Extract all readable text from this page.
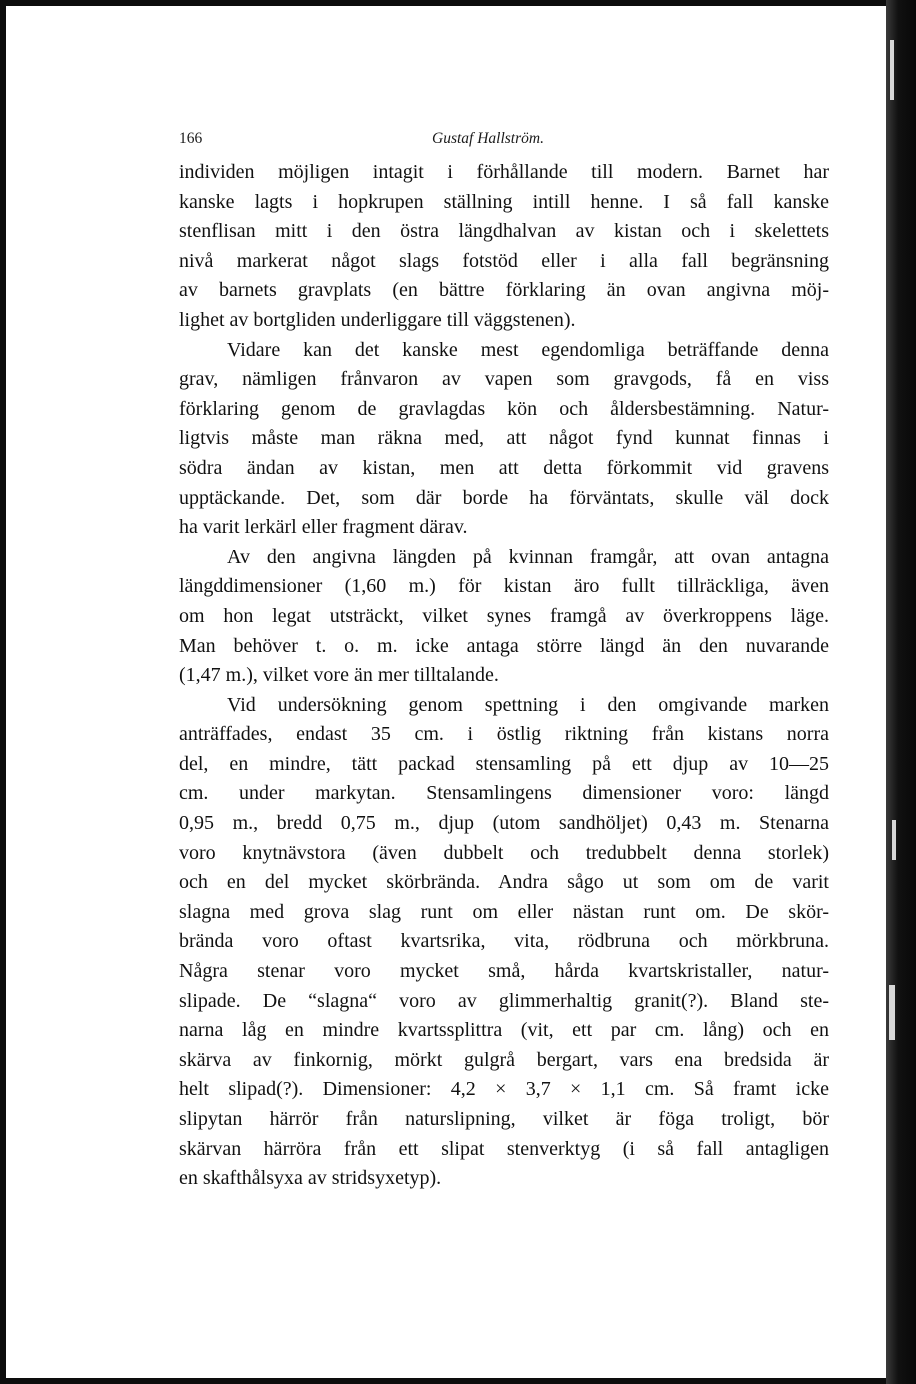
166	Gustaf Hallström.
individen möjligen intagit i förhållande till modern. Barnet har
kanske lagts i hopkrupen ställning intill henne. I så fall kanske
stenflisan mitt i den östra längdhalvan av kistan och i skelettets
nivå markerat något slags fotstöd eller i alla fall begränsning
av barnets gravplats (en bättre förklaring än ovan angivna möj-
lighet av bortgliden underliggare till väggstenen).
Vidare kan det kanske mest egendomliga beträffande denna
grav, nämligen frånvaron av vapen som gravgods, få en viss
förklaring genom de gravlagdas kön och åldersbestämning. Natur-
ligtvis måste man räkna med, att något fynd kunnat finnas i
södra ändan av kistan, men att detta förkommit vid gravens
upptäckande. Det, som där borde ha förväntats, skulle väl dock
ha varit lerkärl eller fragment därav.
Av den angivna längden på kvinnan framgår, att ovan antagna
längddimensioner (1,60 m.) för kistan äro fullt tillräckliga, även
om hon legat utsträckt, vilket synes framgå av överkroppens läge.
Man behöver t. o. m. icke antaga större längd än den nuvarande
(1,47 m.), vilket vore än mer tilltalande.
Vid undersökning genom spettning i den omgivande marken
anträffades, endast 35 cm. i östlig riktning från kistans norra
del, en mindre, tätt packad stensamling på ett djup av 10—25
cm. under markytan. Stensamlingens dimensioner voro: längd
0,95 m., bredd 0,75 m., djup (utom sandhöljet) 0,43 m. Stenarna
voro knytnävstora (även dubbelt och tredubbelt denna storlek)
och en del mycket skörbrända. Andra sågo ut som om de varit
slagna med grova slag runt om eller nästan runt om. De skör-
brända voro oftast kvartsrika, vita, rödbruna och mörkbruna.
Några stenar voro mycket små, hårda kvartskristaller, natur-
slipade. De “slagna“ voro av glimmerhaltig granit(?). Bland ste-
narna låg en mindre kvartssplittra (vit, ett par cm. lång) och en
skärva av finkornig, mörkt gulgrå bergart, vars ena bredsida är
helt slipad(?). Dimensioner: 4,2 × 3,7 × 1,1 cm. Så framt icke
slipytan härrör från naturslipning, vilket är föga troligt, bör
skärvan härröra från ett slipat stenverktyg (i så fall antagligen
en skafthålsyxa av stridsyxetyp).
